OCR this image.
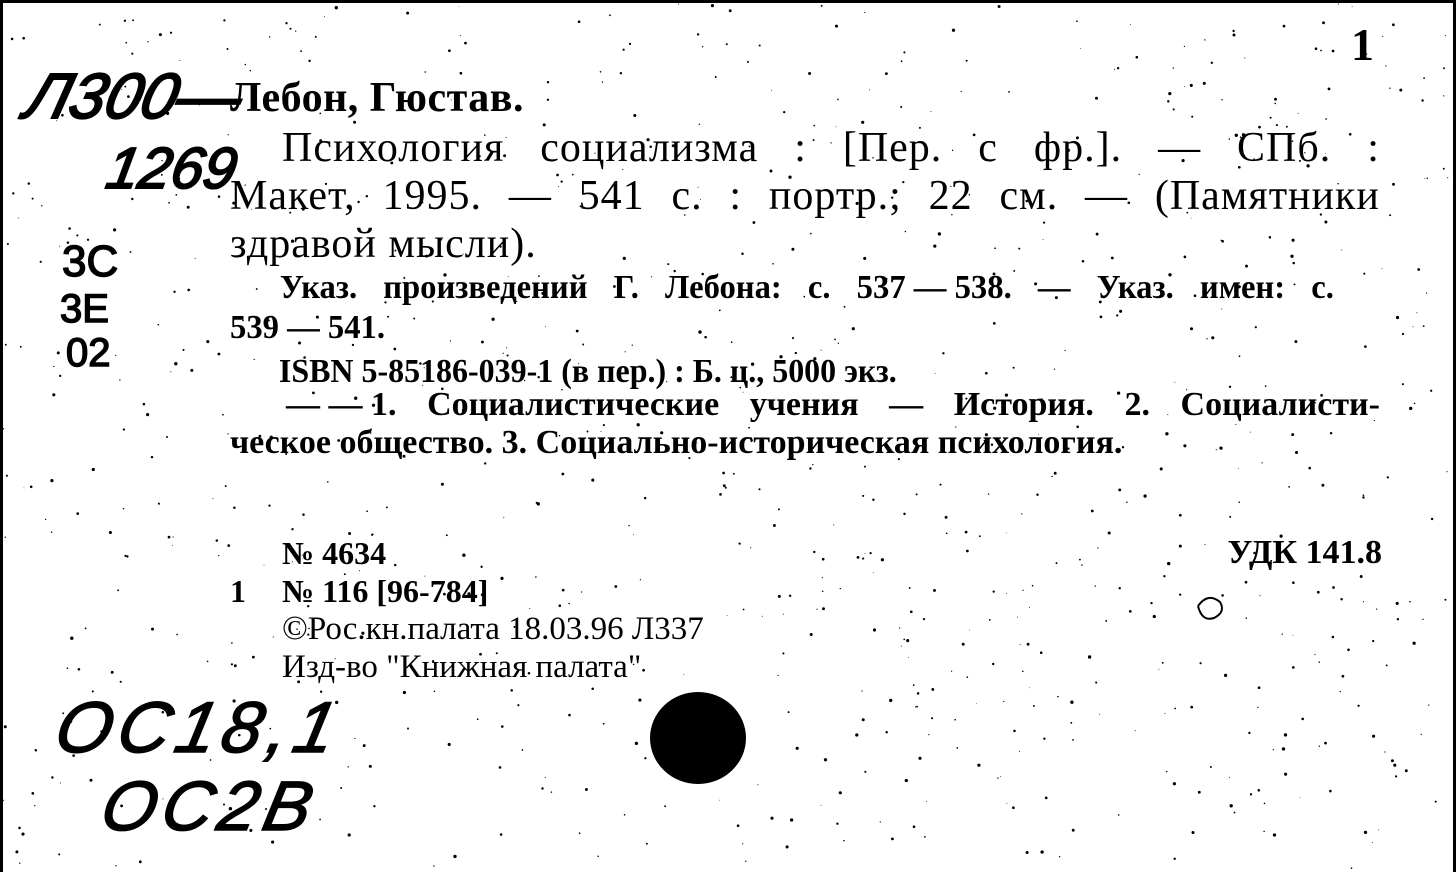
1
Лебон, Гюстав.
Психология социализма : [Пер. с фр.]. — СПб. :
Макет, 1995. — 541 с. : портр.; 22 см. — (Памятники
здравой мысли).
Указ. произведений Г. Лебона: с. 537 — 538. — Указ. имен: с.
539 — 541.
ISBN 5-85186-039-1 (в пер.) : Б. ц., 5000 экз.
— — 1. Социалистические учения — История. 2. Социалисти-
ческое общество. 3. Социально-историческая психология.
№ 4634
1 № 116 [96-784]
©Рос.кн.палата 18.03.96 Л337
Изд-во "Книжная палата"
УДК 141.8
Л300—
1269
3С
3Е
02
ОС18,1
ОС2В
